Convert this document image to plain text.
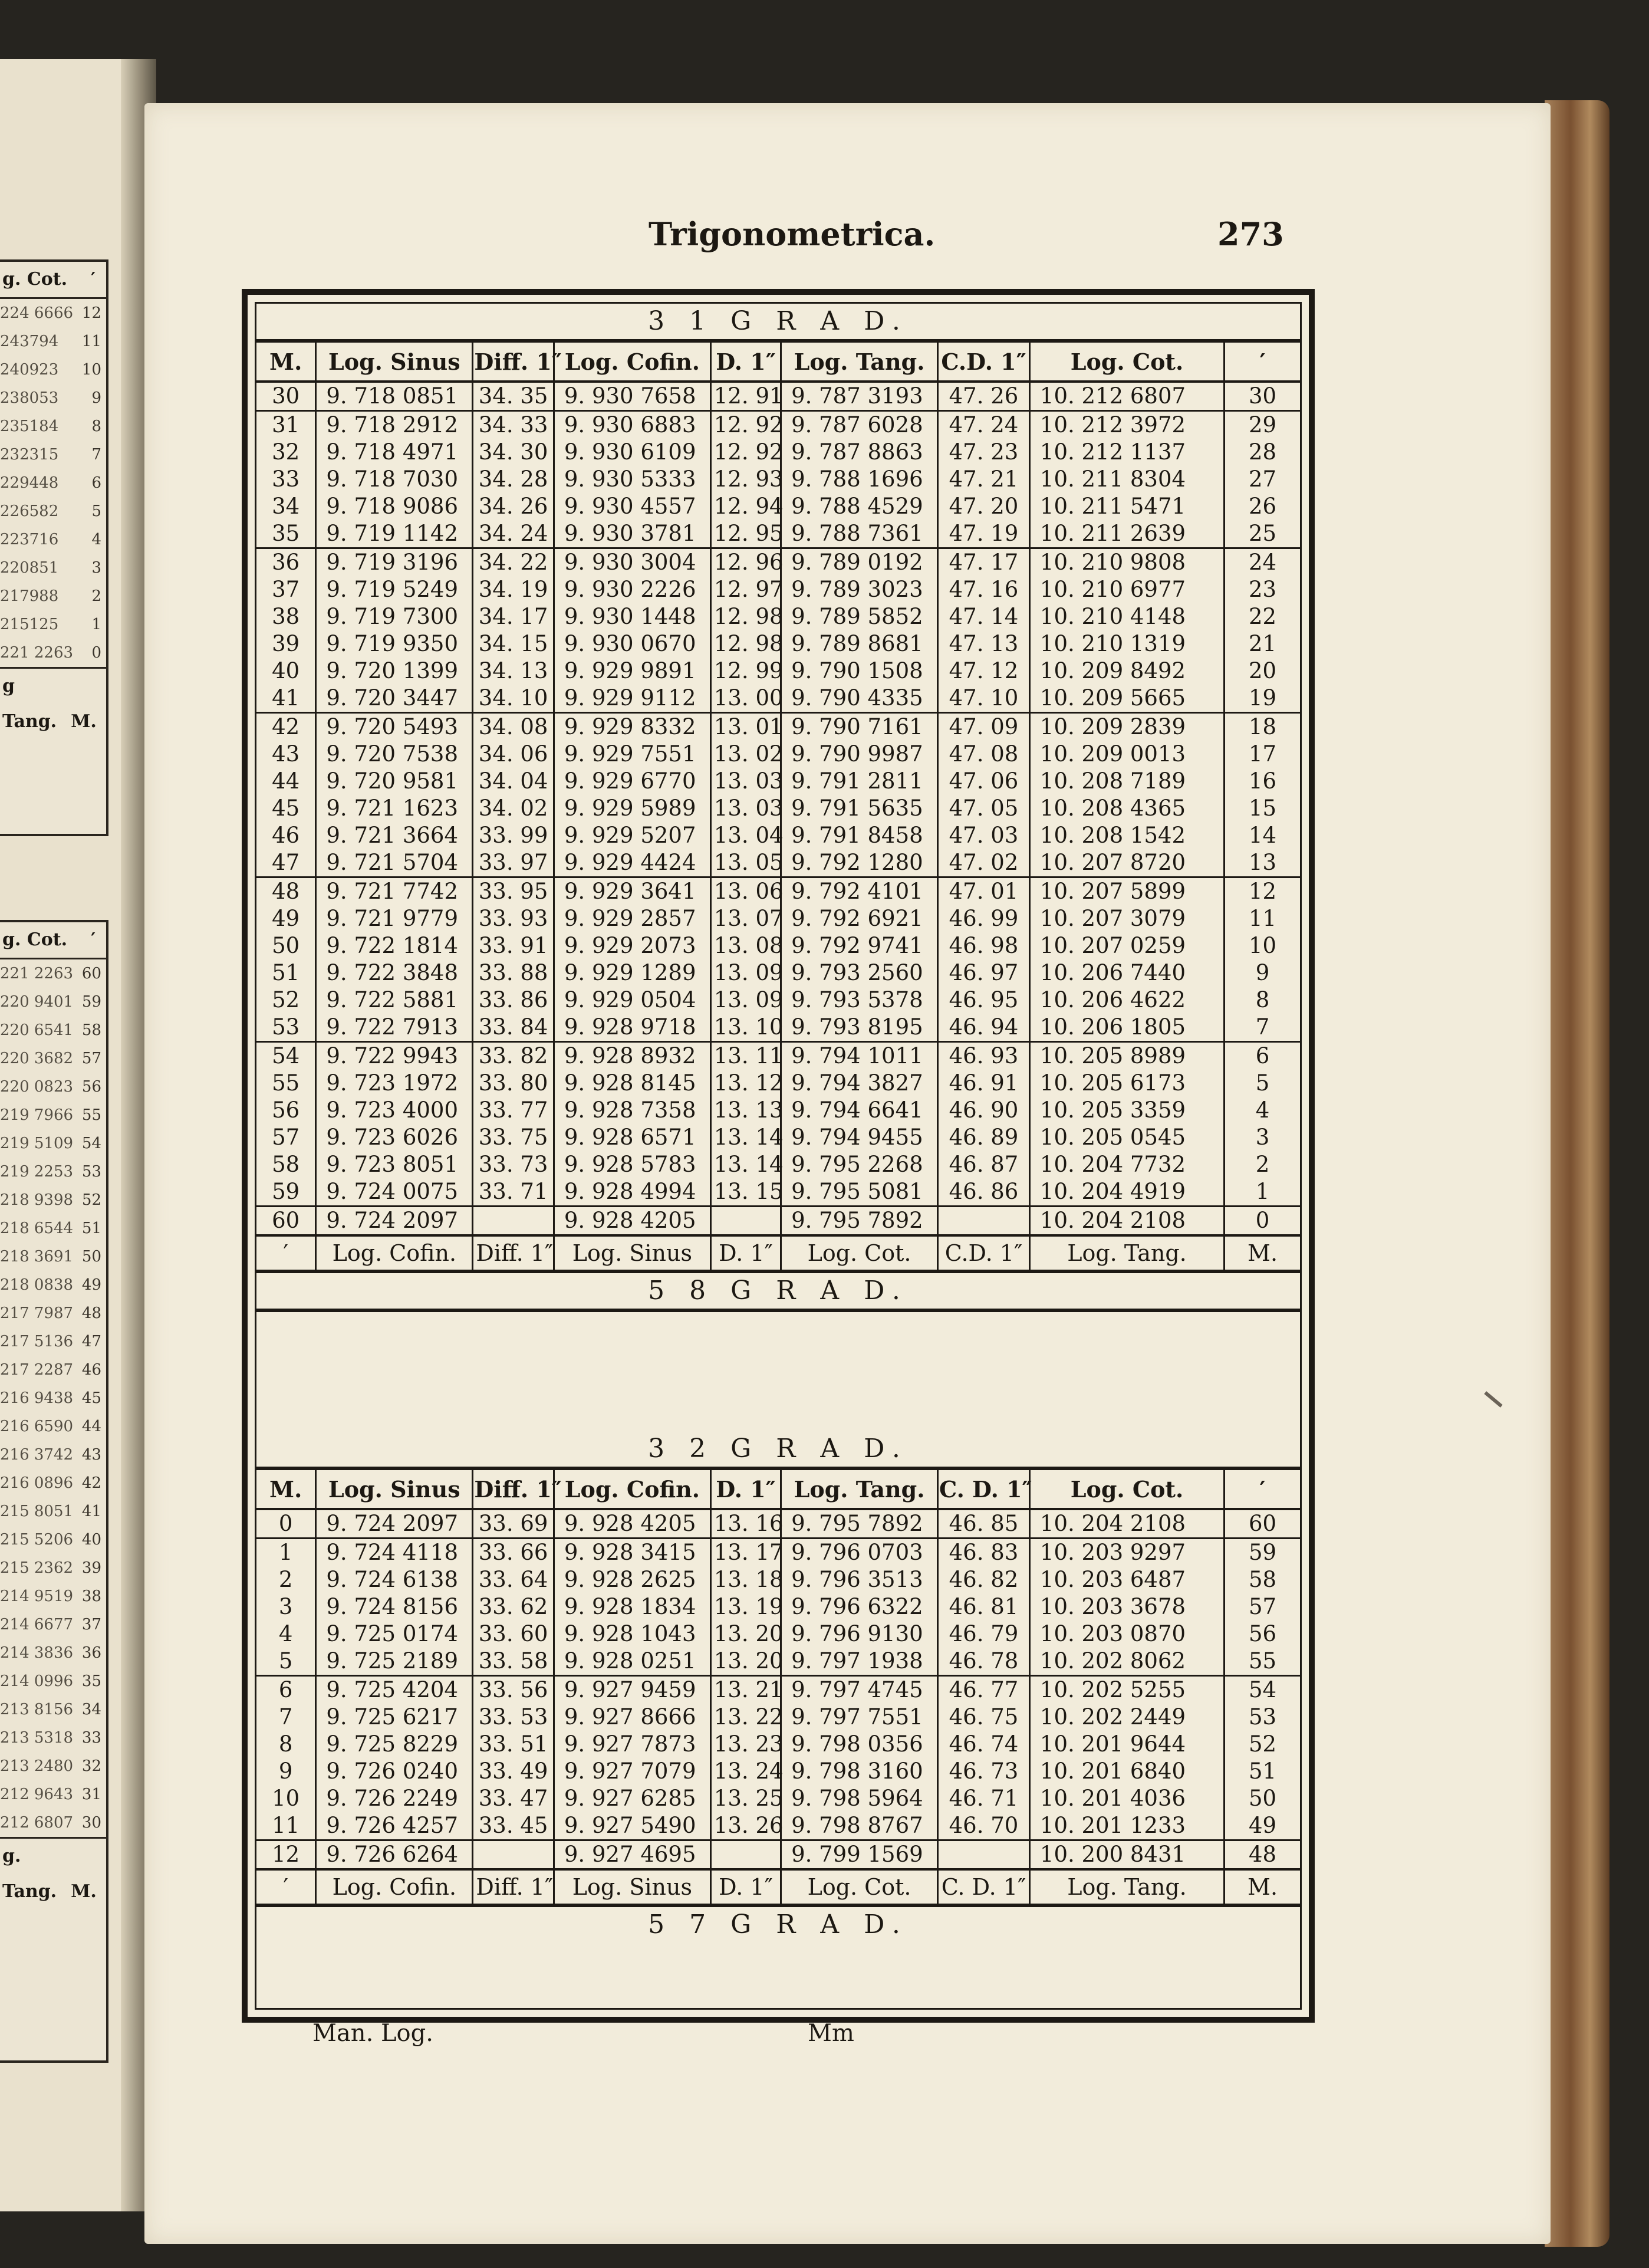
g. Cot. ′
224 6666 12
243794 11
240923 10
238053 9
235184 8
232315 7
229448 6
226582 5
223716 4
220851 3
217988 2
215125 1
221 2263 0
g Tang. M.
g. Cot. ′
221 2263 60
220 9401 59
220 6541 58
220 3682 57
220 0823 56
219 7966 55
219 5109 54
219 2253 53
218 9398 52
218 6544 51
218 3691 50
218 0838 49
217 7987 48
217 5136 47
217 2287 46
216 9438 45
216 6590 44
216 3742 43
216 0896 42
215 8051 41
215 5206 40
215 2362 39
214 9519 38
214 6677 37
214 3836 36
214 0996 35
213 8156 34
213 5318 33
213 2480 32
212 9643 31
212 6807 30
g. Tang. M.
Trigonometrica.	273
3 1 G R A D.
M.	Log. Sinus	Diff. 1″	Log. Cofin.	D. 1″	Log. Tang.	C.D. 1″	Log. Cot.	′
30	9. 718 0851	34. 35	9. 930 7658	12. 91	9. 787 3193	47. 26	10. 212 6807	30
31	9. 718 2912	34. 33	9. 930 6883	12. 92	9. 787 6028	47. 24	10. 212 3972	29
32	9. 718 4971	34. 30	9. 930 6109	12. 92	9. 787 8863	47. 23	10. 212 1137	28
33	9. 718 7030	34. 28	9. 930 5333	12. 93	9. 788 1696	47. 21	10. 211 8304	27
34	9. 718 9086	34. 26	9. 930 4557	12. 94	9. 788 4529	47. 20	10. 211 5471	26
35	9. 719 1142	34. 24	9. 930 3781	12. 95	9. 788 7361	47. 19	10. 211 2639	25
36	9. 719 3196	34. 22	9. 930 3004	12. 96	9. 789 0192	47. 17	10. 210 9808	24
37	9. 719 5249	34. 19	9. 930 2226	12. 97	9. 789 3023	47. 16	10. 210 6977	23
38	9. 719 7300	34. 17	9. 930 1448	12. 98	9. 789 5852	47. 14	10. 210 4148	22
39	9. 719 9350	34. 15	9. 930 0670	12. 98	9. 789 8681	47. 13	10. 210 1319	21
40	9. 720 1399	34. 13	9. 929 9891	12. 99	9. 790 1508	47. 12	10. 209 8492	20
41	9. 720 3447	34. 10	9. 929 9112	13. 00	9. 790 4335	47. 10	10. 209 5665	19
42	9. 720 5493	34. 08	9. 929 8332	13. 01	9. 790 7161	47. 09	10. 209 2839	18
43	9. 720 7538	34. 06	9. 929 7551	13. 02	9. 790 9987	47. 08	10. 209 0013	17
44	9. 720 9581	34. 04	9. 929 6770	13. 03	9. 791 2811	47. 06	10. 208 7189	16
45	9. 721 1623	34. 02	9. 929 5989	13. 03	9. 791 5635	47. 05	10. 208 4365	15
46	9. 721 3664	33. 99	9. 929 5207	13. 04	9. 791 8458	47. 03	10. 208 1542	14
47	9. 721 5704	33. 97	9. 929 4424	13. 05	9. 792 1280	47. 02	10. 207 8720	13
48	9. 721 7742	33. 95	9. 929 3641	13. 06	9. 792 4101	47. 01	10. 207 5899	12
49	9. 721 9779	33. 93	9. 929 2857	13. 07	9. 792 6921	46. 99	10. 207 3079	11
50	9. 722 1814	33. 91	9. 929 2073	13. 08	9. 792 9741	46. 98	10. 207 0259	10
51	9. 722 3848	33. 88	9. 929 1289	13. 09	9. 793 2560	46. 97	10. 206 7440	9
52	9. 722 5881	33. 86	9. 929 0504	13. 09	9. 793 5378	46. 95	10. 206 4622	8
53	9. 722 7913	33. 84	9. 928 9718	13. 10	9. 793 8195	46. 94	10. 206 1805	7
54	9. 722 9943	33. 82	9. 928 8932	13. 11	9. 794 1011	46. 93	10. 205 8989	6
55	9. 723 1972	33. 80	9. 928 8145	13. 12	9. 794 3827	46. 91	10. 205 6173	5
56	9. 723 4000	33. 77	9. 928 7358	13. 13	9. 794 6641	46. 90	10. 205 3359	4
57	9. 723 6026	33. 75	9. 928 6571	13. 14	9. 794 9455	46. 89	10. 205 0545	3
58	9. 723 8051	33. 73	9. 928 5783	13. 14	9. 795 2268	46. 87	10. 204 7732	2
59	9. 724 0075	33. 71	9. 928 4994	13. 15	9. 795 5081	46. 86	10. 204 4919	1
60	9. 724 2097		9. 928 4205		9. 795 7892		10. 204 2108	0
′	Log. Cofin.	Diff. 1″	Log. Sinus	D. 1″	Log. Cot.	C.D. 1″	Log. Tang.	M.
5 8 G R A D.
3 2 G R A D.
M.	Log. Sinus	Diff. 1″	Log. Cofin.	D. 1″	Log. Tang.	C. D. 1″	Log. Cot.	′
0	9. 724 2097	33. 69	9. 928 4205	13. 16	9. 795 7892	46. 85	10. 204 2108	60
1	9. 724 4118	33. 66	9. 928 3415	13. 17	9. 796 0703	46. 83	10. 203 9297	59
2	9. 724 6138	33. 64	9. 928 2625	13. 18	9. 796 3513	46. 82	10. 203 6487	58
3	9. 724 8156	33. 62	9. 928 1834	13. 19	9. 796 6322	46. 81	10. 203 3678	57
4	9. 725 0174	33. 60	9. 928 1043	13. 20	9. 796 9130	46. 79	10. 203 0870	56
5	9. 725 2189	33. 58	9. 928 0251	13. 20	9. 797 1938	46. 78	10. 202 8062	55
6	9. 725 4204	33. 56	9. 927 9459	13. 21	9. 797 4745	46. 77	10. 202 5255	54
7	9. 725 6217	33. 53	9. 927 8666	13. 22	9. 797 7551	46. 75	10. 202 2449	53
8	9. 725 8229	33. 51	9. 927 7873	13. 23	9. 798 0356	46. 74	10. 201 9644	52
9	9. 726 0240	33. 49	9. 927 7079	13. 24	9. 798 3160	46. 73	10. 201 6840	51
10	9. 726 2249	33. 47	9. 927 6285	13. 25	9. 798 5964	46. 71	10. 201 4036	50
11	9. 726 4257	33. 45	9. 927 5490	13. 26	9. 798 8767	46. 70	10. 201 1233	49
12	9. 726 6264		9. 927 4695		9. 799 1569		10. 200 8431	48
′	Log. Cofin.	Diff. 1″	Log. Sinus	D. 1″	Log. Cot.	C. D. 1″	Log. Tang.	M.
5 7 G R A D.
Man. Log.	Mm
